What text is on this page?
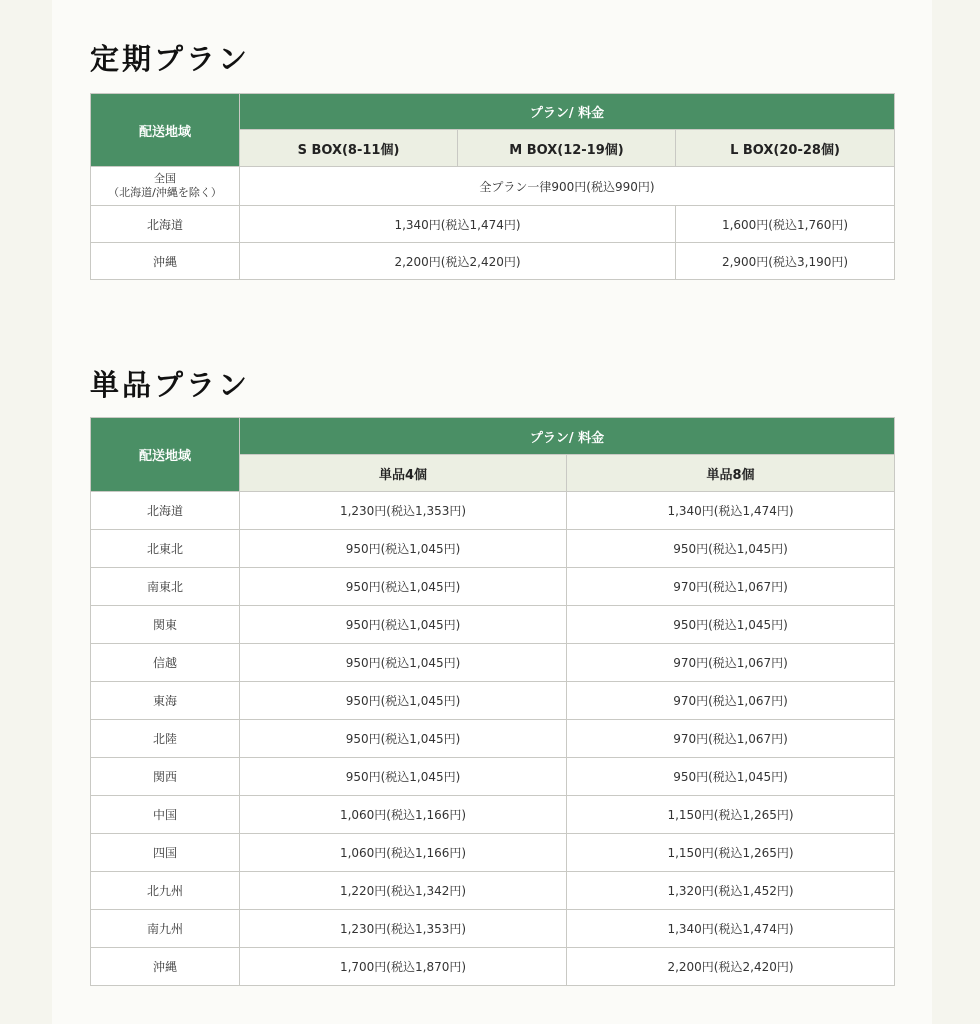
定期プラン
配送地域	プラン/ 料金		
	S BOX(8-11個)	M BOX(12-19個)	L BOX(20-28個)

全国
（北海道/沖縄を除く）	全プラン一律900円(税込990円)		
北海道	1,340円(税込1,474円)		1,600円(税込1,760円)
沖縄	2,200円(税込2,420円)		2,900円(税込3,190円)
単品プラン
配送地域	プラン/ 料金	
	単品4個	単品8個
北海道	1,230円(税込1,353円)	1,340円(税込1,474円)
北東北	950円(税込1,045円)	950円(税込1,045円)
南東北	950円(税込1,045円)	970円(税込1,067円)
関東	950円(税込1,045円)	950円(税込1,045円)
信越	950円(税込1,045円)	970円(税込1,067円)
東海	950円(税込1,045円)	970円(税込1,067円)
北陸	950円(税込1,045円)	970円(税込1,067円)
関西	950円(税込1,045円)	950円(税込1,045円)
中国	1,060円(税込1,166円)	1,150円(税込1,265円)
四国	1,060円(税込1,166円)	1,150円(税込1,265円)
北九州	1,220円(税込1,342円)	1,320円(税込1,452円)
南九州	1,230円(税込1,353円)	1,340円(税込1,474円)
沖縄	1,700円(税込1,870円)	2,200円(税込2,420円)
